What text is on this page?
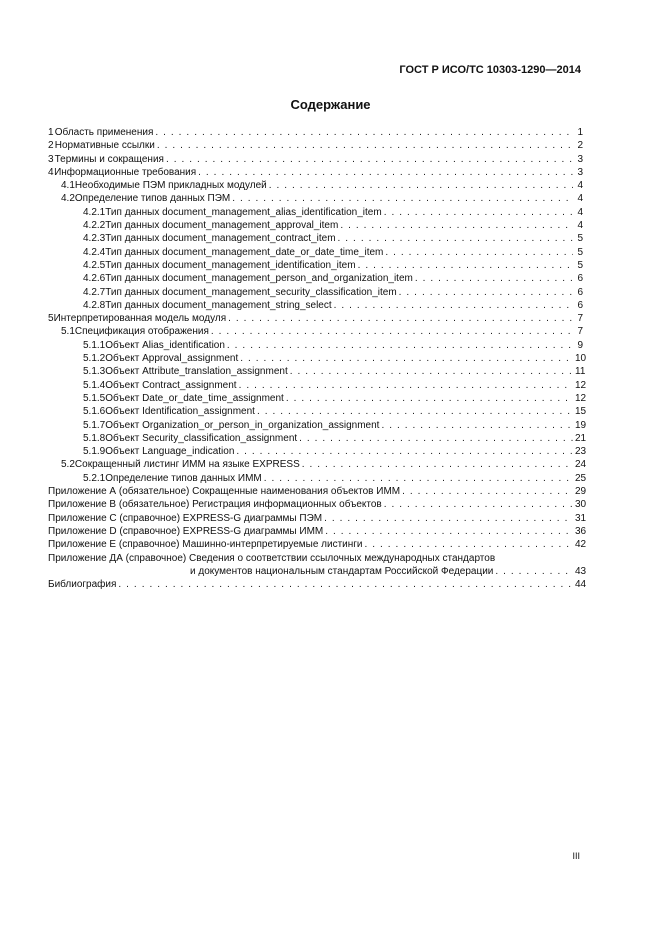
ГОСТ Р ИСО/ТС 10303-1290—2014
Содержание
1 Область применения . . .	1
2 Нормативные ссылки . . .	2
3 Термины и сокращения . . .	3
4 Информационные требования . . .	3
4.1 Необходимые ПЭМ прикладных модулей . . .	4
4.2 Определение типов данных ПЭМ . . .	4
4.2.1 Тип данных document_management_alias_identification_item . . .	4
4.2.2 Тип данных document_management_approval_item . . .	4
4.2.3 Тип данных document_management_contract_item . . .	5
4.2.4 Тип данных document_management_date_or_date_time_item . . .	5
4.2.5 Тип данных document_management_identification_item . . .	5
4.2.6 Тип данных document_management_person_and_organization_item . . .	6
4.2.7 Тип данных document_management_security_classification_item . . .	6
4.2.8 Тип данных document_management_string_select . . .	6
5 Интерпретированная модель модуля . . .	7
5.1 Спецификация отображения . . .	7
5.1.1 Объект Alias_identification . . .	9
5.1.2 Объект Approval_assignment . . .	10
5.1.3 Объект Attribute_translation_assignment . . .	11
5.1.4 Объект Contract_assignment . . .	12
5.1.5 Объект Date_or_date_time_assignment . . .	12
5.1.6 Объект Identification_assignment . . .	15
5.1.7 Объект Organization_or_person_in_organization_assignment . . .	19
5.1.8 Объект Security_classification_assignment . . .	21
5.1.9 Объект Language_indication . . .	23
5.2 Сокращенный листинг ИММ на языке EXPRESS . . .	24
5.2.1 Определение типов данных ИММ . . .	25
Приложение А (обязательное) Сокращенные наименования объектов ИММ . . .	29
Приложение В (обязательное) Регистрация информационных объектов . . .	30
Приложение С (справочное) EXPRESS-G диаграммы ПЭМ . . .	31
Приложение D (справочное) EXPRESS-G диаграммы ИММ . . .	36
Приложение Е (справочное) Машинно-интерпретируемые листинги . . .	42
Приложение ДА (справочное) Сведения о соответствии ссылочных международных стандартов
и документов национальным стандартам Российской Федерации . . .	43
Библиография . . .	44
III
